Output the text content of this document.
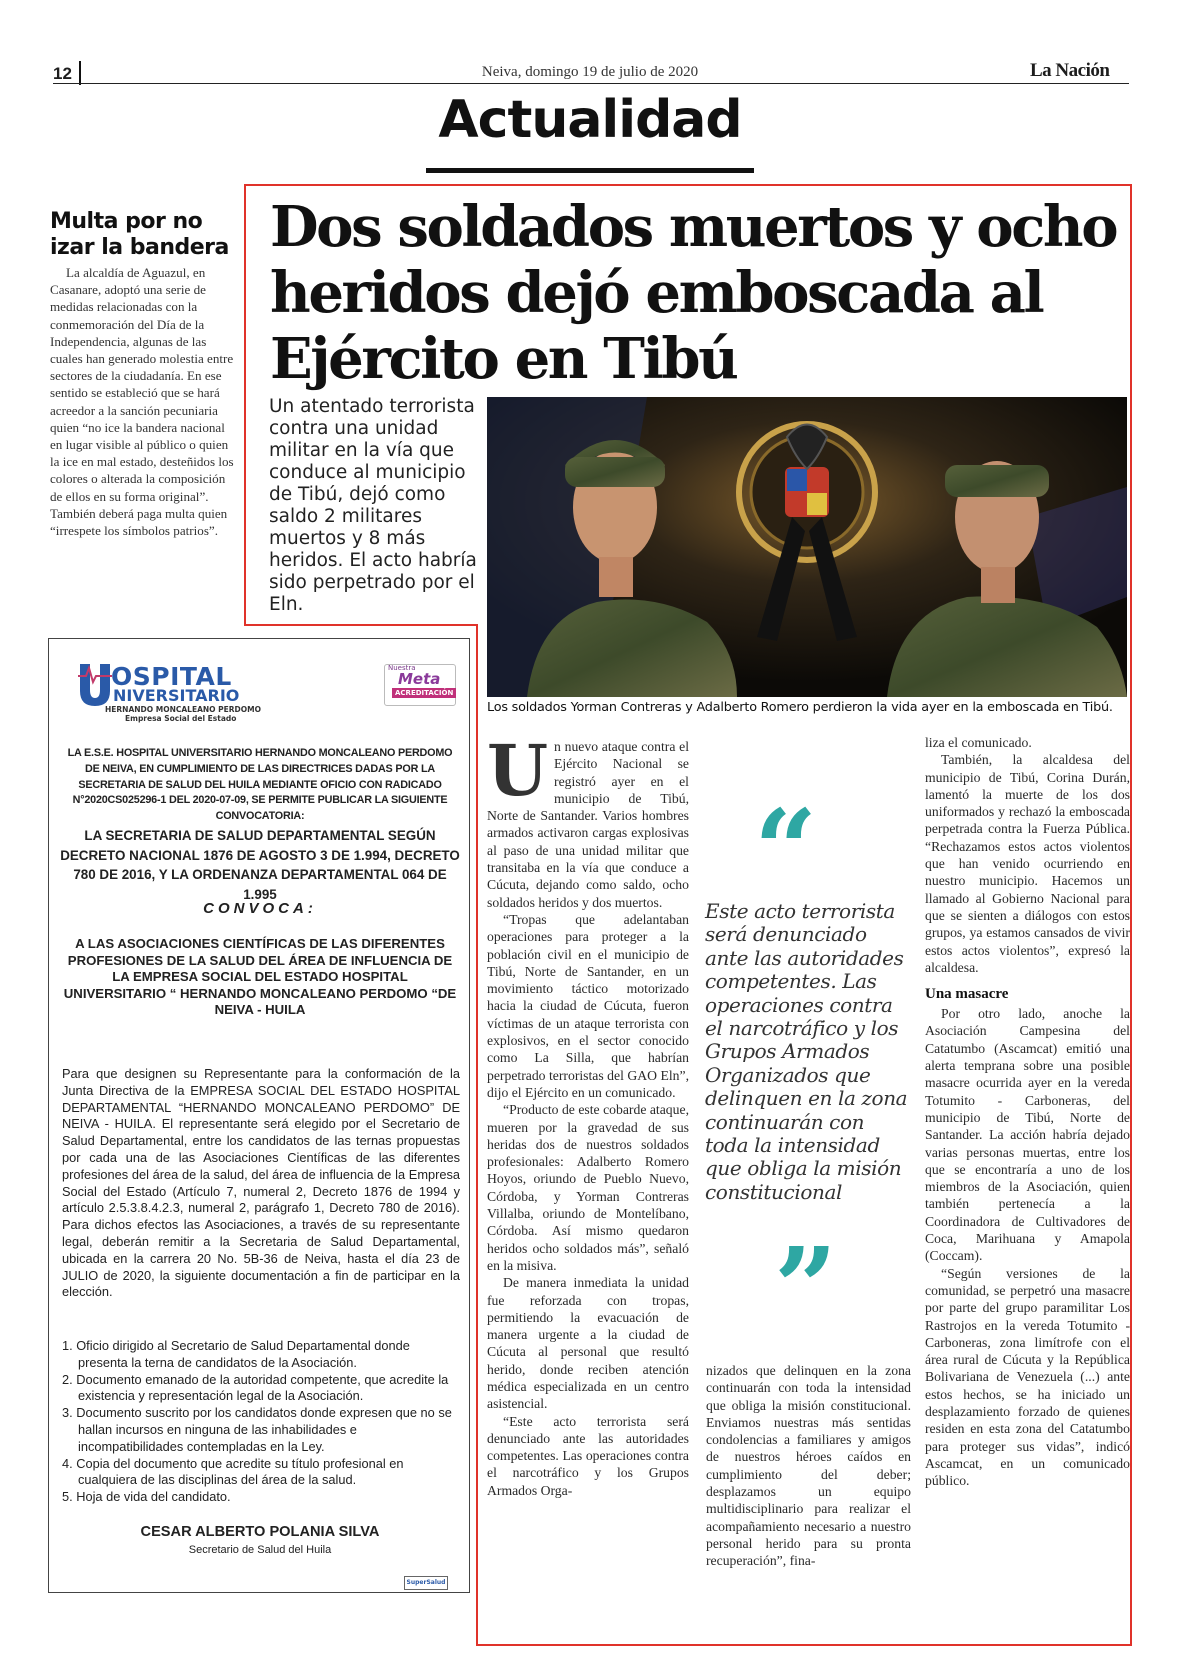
12	Neiva, domingo 19 de julio de 2020	La Nación
Actualidad
Multa por no izar la bandera

La alcaldía de Aguazul, en Casanare, adoptó una serie de medidas relacionadas con la conmemoración del Día de la Independencia, algunas de las cuales han generado molestia entre sectores de la ciudadanía. En ese sentido se estableció que se hará acreedor a la sanción pecuniaria quien “no ice la bandera nacional en lugar visible al público o quien la ice en mal estado, desteñidos los colores o alterada la composición de ellos en su forma original”. También deberá paga multa quien “irrespete los símbolos patrios”.

Dos soldados muertos y ocho heridos dejó emboscada al Ejército en Tibú
Un atentado terrorista contra una unidad militar en la vía que conduce al municipio de Tibú, dejó como saldo 2 militares muertos y 8 más heridos. El acto habría sido perpetrado por el Eln.
Los soldados Yorman Contreras y Adalberto Romero perdieron la vida ayer en la emboscada en Tibú.

Un nuevo ataque contra el Ejército Nacional se registró ayer en el municipio de Tibú, Norte de Santander. Varios hombres armados activaron cargas explosivas al paso de una unidad militar que transitaba en la vía que conduce a Cúcuta, dejando como saldo, ocho soldados heridos y dos muertos.

“Tropas que adelantaban operaciones para proteger a la población civil en el municipio de Tibú, Norte de Santander, en un movimiento táctico motorizado hacia la ciudad de Cúcuta, fueron víctimas de un ataque terrorista con explosivos, en el sector conocido como La Silla, que habrían perpetrado terroristas del GAO Eln”, dijo el Ejército en un comunicado.

“Producto de este cobarde ataque, mueren por la gravedad de sus heridas dos de nuestros soldados profesionales: Adalberto Romero Hoyos, oriundo de Pueblo Nuevo, Córdoba, y Yorman Contreras Villalba, oriundo de Montelíbano, Córdoba. Así mismo quedaron heridos ocho soldados más”, señaló en la misiva.

De manera inmediata la unidad fue reforzada con tropas, permitiendo la evacuación de manera urgente a la ciudad de Cúcuta al personal que resultó herido, donde reciben atención médica especializada en un centro asistencial.

“Este acto terrorista será denunciado ante las autoridades competentes. Las operaciones contra el narcotráfico y los Grupos Armados Orga-

“
Este acto terrorista será denunciado ante las autoridades competentes. Las operaciones contra el narcotráfico y los Grupos Armados Organizados que delinquen en la zona continuarán con toda la intensidad que obliga la misión constitucional
”

nizados que delinquen en la zona continuarán con toda la intensidad que obliga la misión constitucional. Enviamos nuestras más sentidas condolencias a familiares y amigos de nuestros héroes caídos en cumplimiento del deber; desplazamos un equipo multidisciplinario para realizar el acompañamiento necesario a nuestro personal herido para su pronta recuperación”, fina-

liza el comunicado.

También, la alcaldesa del municipio de Tibú, Corina Durán, lamentó la muerte de los dos uniformados y rechazó la emboscada perpetrada contra la Fuerza Pública. “Rechazamos estos actos violentos que han venido ocurriendo en nuestro municipio. Hacemos un llamado al Gobierno Nacional para que se sienten a diálogos con estos grupos, ya estamos cansados de vivir estos actos violentos”, expresó la alcaldesa.

Una masacre

Por otro lado, anoche la Asociación Campesina del Catatumbo (Ascamcat) emitió una alerta temprana sobre una posible masacre ocurrida ayer en la vereda Totumito - Carboneras, del municipio de Tibú, Norte de Santander. La acción habría dejado varias personas muertas, entre los que se encontraría a uno de los miembros de la Asociación, quien también pertenecía a la Coordinadora de Cultivadores de Coca, Marihuana y Amapola (Coccam).

“Según versiones de la comunidad, se perpetró una masacre por parte del grupo paramilitar Los Rastrojos en la vereda Totumito - Carboneras, zona limítrofe con el área rural de Cúcuta y la República Bolivariana de Venezuela (...) ante estos hechos, se ha iniciado un desplazamiento forzado de quienes residen en esta zona del Catatumbo para proteger sus vidas”, indicó Ascamcat, en un comunicado público.

OSPITAL
NIVERSITARIO
HERNANDO MONCALEANO PERDOMO
Empresa Social del Estado
Nuestra
Meta
ACREDITACIÓN
LA E.S.E. HOSPITAL UNIVERSITARIO HERNANDO MONCALEANO PERDOMO DE NEIVA, EN CUMPLIMIENTO DE LAS DIRECTRICES DADAS POR LA SECRETARIA DE SALUD DEL HUILA MEDIANTE OFICIO CON RADICADO N°2020CS025296-1 DEL 2020-07-09, SE PERMITE PUBLICAR LA SIGUIENTE CONVOCATORIA:
LA SECRETARIA DE SALUD DEPARTAMENTAL SEGÚN DECRETO NACIONAL 1876 DE AGOSTO 3 DE 1.994, DECRETO 780 DE 2016, Y LA ORDENANZA DEPARTAMENTAL 064 DE 1.995
CONVOCA:
A LAS ASOCIACIONES CIENTÍFICAS DE LAS DIFERENTES PROFESIONES DE LA SALUD DEL ÁREA DE INFLUENCIA DE LA EMPRESA SOCIAL DEL ESTADO HOSPITAL UNIVERSITARIO “ HERNANDO MONCALEANO PERDOMO “DE NEIVA - HUILA
Para que designen su Representante para la conformación de la Junta Directiva de la EMPRESA SOCIAL DEL ESTADO HOSPITAL DEPARTAMENTAL “HERNANDO MONCALEANO PERDOMO” DE NEIVA - HUILA. El representante será elegido por el Secretario de Salud Departamental, entre los candidatos de las ternas propuestas por cada una de las Asociaciones Científicas de las diferentes profesiones del área de la salud, del área de influencia de la Empresa Social del Estado (Artículo 7, numeral 2, Decreto 1876 de 1994 y artículo 2.5.3.8.4.2.3, numeral 2, parágrafo 1, Decreto 780 de 2016). Para dichos efectos las Asociaciones, a través de su representante legal, deberán remitir a la Secretaria de Salud Departamental, ubicada en la carrera 20 No. 5B-36 de Neiva, hasta el día 23 de JULIO de 2020, la siguiente documentación a fin de participar en la elección.
1. Oficio dirigido al Secretario de Salud Departamental donde presenta la terna de candidatos de la Asociación.
2. Documento emanado de la autoridad competente, que acredite la existencia y representación legal de la Asociación.
3. Documento suscrito por los candidatos donde expresen que no se hallan incursos en ninguna de las inhabilidades e incompatibilidades contempladas en la Ley.
4. Copia del documento que acredite su título profesional en cualquiera de las disciplinas del área de la salud.
5. Hoja de vida del candidato.
CESAR ALBERTO POLANIA SILVA
Secretario de Salud del Huila
SuperSalud
